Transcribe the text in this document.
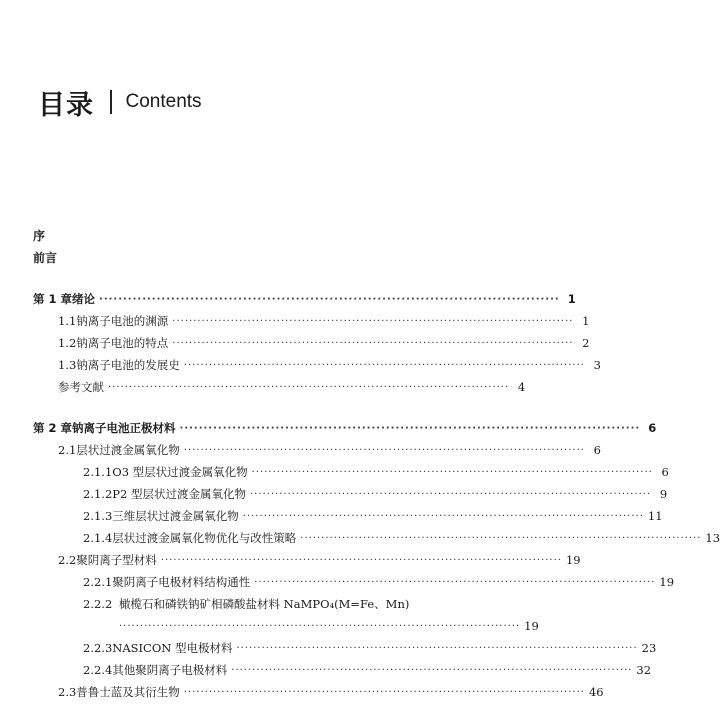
目录 Contents
序
前言
第 1 章 绪论 ································································································ 1
1.1 钠离子电池的渊源 ································································································ 1
1.2 钠离子电池的特点 ································································································ 2
1.3 钠离子电池的发展史 ································································································ 3
参考文献 ································································································ 4
第 2 章 钠离子电池正极材料 ································································································ 6
2.1 层状过渡金属氧化物 ································································································ 6
2.1.1 O3 型层状过渡金属氧化物 ································································································ 6
2.1.2 P2 型层状过渡金属氧化物 ································································································ 9
2.1.3 三维层状过渡金属氧化物 ································································································ 11
2.1.4 层状过渡金属氧化物优化与改性策略 ································································································ 13
2.2 聚阴离子型材料 ································································································ 19
2.2.1 聚阴离子电极材料结构通性 ································································································ 19
2.2.2 橄榄石和磷铁钠矿相磷酸盐材料 NaMPO₄(M=Fe、Mn)
································································································ 19
2.2.3 NASICON 型电极材料 ································································································ 23
2.2.4 其他聚阴离子电极材料 ································································································ 32
2.3 普鲁士蓝及其衍生物 ································································································ 46
